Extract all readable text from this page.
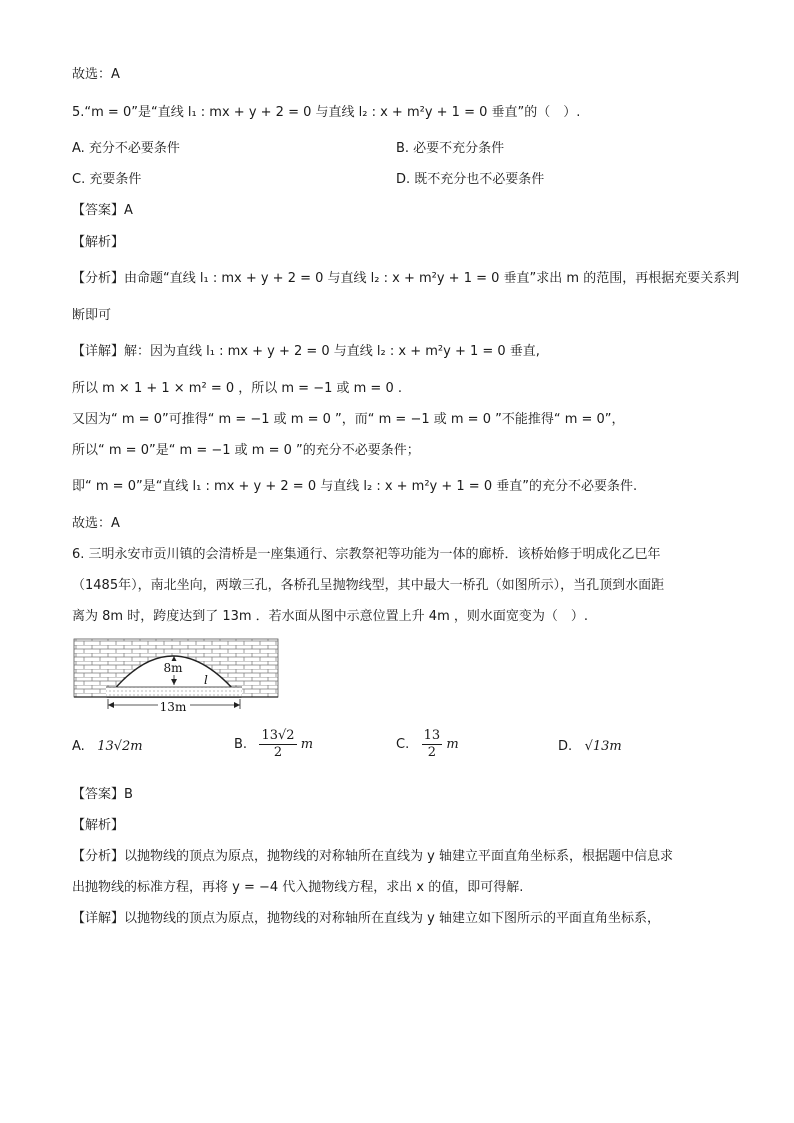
故选：A
5.“m = 0”是“直线 l₁ : mx + y + 2 = 0 与直线 l₂ : x + m²y + 1 = 0 垂直”的（　）.
A. 充分不必要条件	B. 必要不充分条件
C. 充要条件	D. 既不充分也不必要条件
【答案】A
【解析】
【分析】由命题“直线 l₁ : mx + y + 2 = 0 与直线 l₂ : x + m²y + 1 = 0 垂直”求出 m 的范围，再根据充要关系判
断即可
【详解】解：因为直线 l₁ : mx + y + 2 = 0 与直线 l₂ : x + m²y + 1 = 0 垂直,
所以 m × 1 + 1 × m² = 0 ，所以 m = −1 或 m = 0 .
又因为“ m = 0”可推得“ m = −1 或 m = 0 ”，而“ m = −1 或 m = 0 ”不能推得“ m = 0”，
所以“ m = 0”是“ m = −1 或 m = 0 ”的充分不必要条件；
即“ m = 0”是“直线 l₁ : mx + y + 2 = 0 与直线 l₂ : x + m²y + 1 = 0 垂直”的充分不必要条件.
故选：A
6. 三明永安市贡川镇的会清桥是一座集通行、宗教祭祀等功能为一体的廊桥．该桥始修于明成化乙巳年
（1485年），南北坐向，两墩三孔，各桥孔呈抛物线型，其中最大一桥孔（如图所示），当孔顶到水面距
离为 8m 时，跨度达到了 13m ．若水面从图中示意位置上升 4m ，则水面宽变为（　）.
8m
l
13m
A. 13√2m	B. $\frac{13√2}{2}$ m	C. $\frac{13}{2}$ m	D. √13m
【答案】B
【解析】
【分析】以抛物线的顶点为原点，抛物线的对称轴所在直线为 y 轴建立平面直角坐标系，根据题中信息求
出抛物线的标准方程，再将 y = −4 代入抛物线方程，求出 x 的值，即可得解.
【详解】以抛物线的顶点为原点，抛物线的对称轴所在直线为 y 轴建立如下图所示的平面直角坐标系，
